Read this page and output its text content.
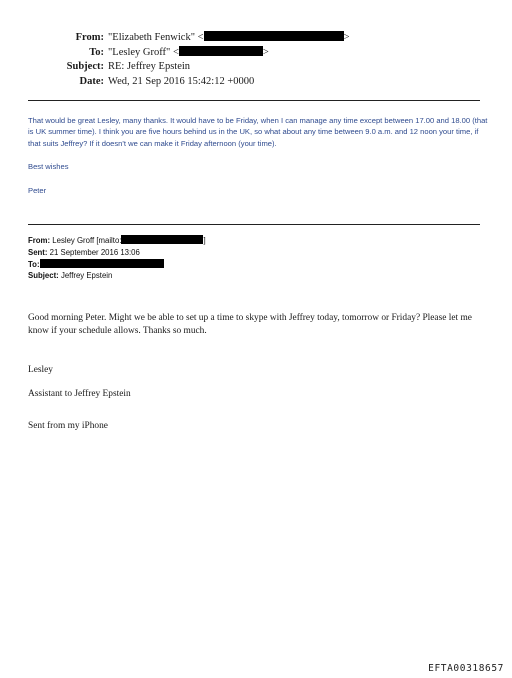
From: "Elizabeth Fenwick" <	>
To: "Lesley Groff" <	>
Subject: RE: Jeffrey Epstein
Date: Wed, 21 Sep 2016 15:42:12 +0000

That would be great Lesley, many thanks. It would have to be Friday, when I can manage any time except between 17.00 and 18.00 (that is UK summer time). I think you are five hours behind us in the UK, so what about any time between 9.0 a.m. and 12 noon your time, if that suits Jeffrey? If it doesn't we can make it Friday afternoon (your time).

Best wishes

Peter

From: Lesley Groff [mailto:	]
Sent: 21 September 2016 13:06
To:
Subject: Jeffrey Epstein
Good morning Peter. Might we be able to set up a time to skype with Jeffrey today, tomorrow or Friday? Please let me know if your schedule allows. Thanks so much.
Lesley
Assistant to Jeffrey Epstein
Sent from my iPhone
EFTA00318657
